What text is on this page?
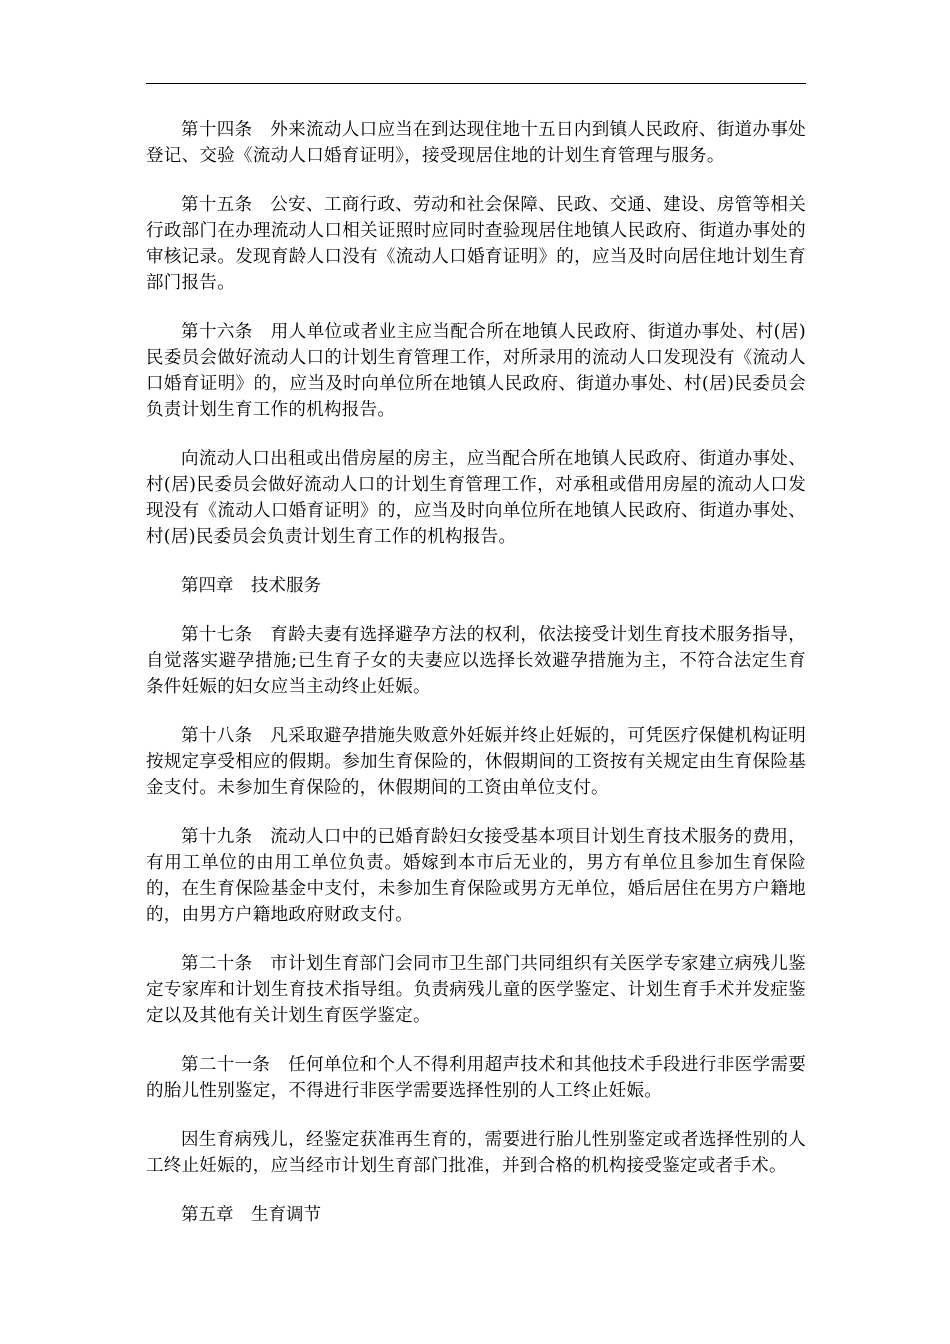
第十四条　外来流动人口应当在到达现住地十五日内到镇人民政府、街道办事处登记、交验《流动人口婚育证明》，接受现居住地的计划生育管理与服务。

第十五条　公安、工商行政、劳动和社会保障、民政、交通、建设、房管等相关行政部门在办理流动人口相关证照时应同时查验现居住地镇人民政府、街道办事处的审核记录。发现育龄人口没有《流动人口婚育证明》的，应当及时向居住地计划生育部门报告。

第十六条　用人单位或者业主应当配合所在地镇人民政府、街道办事处、村(居)民委员会做好流动人口的计划生育管理工作，对所录用的流动人口发现没有《流动人口婚育证明》的，应当及时向单位所在地镇人民政府、街道办事处、村(居)民委员会负责计划生育工作的机构报告。

向流动人口出租或出借房屋的房主，应当配合所在地镇人民政府、街道办事处、村(居)民委员会做好流动人口的计划生育管理工作，对承租或借用房屋的流动人口发现没有《流动人口婚育证明》的，应当及时向单位所在地镇人民政府、街道办事处、村(居)民委员会负责计划生育工作的机构报告。

第四章　技术服务

第十七条　育龄夫妻有选择避孕方法的权利，依法接受计划生育技术服务指导，自觉落实避孕措施;已生育子女的夫妻应以选择长效避孕措施为主，不符合法定生育条件妊娠的妇女应当主动终止妊娠。

第十八条　凡采取避孕措施失败意外妊娠并终止妊娠的，可凭医疗保健机构证明按规定享受相应的假期。参加生育保险的，休假期间的工资按有关规定由生育保险基金支付。未参加生育保险的，休假期间的工资由单位支付。

第十九条　流动人口中的已婚育龄妇女接受基本项目计划生育技术服务的费用，有用工单位的由用工单位负责。婚嫁到本市后无业的，男方有单位且参加生育保险的，在生育保险基金中支付，未参加生育保险或男方无单位，婚后居住在男方户籍地的，由男方户籍地政府财政支付。

第二十条　市计划生育部门会同市卫生部门共同组织有关医学专家建立病残儿鉴定专家库和计划生育技术指导组。负责病残儿童的医学鉴定、计划生育手术并发症鉴定以及其他有关计划生育医学鉴定。

第二十一条　任何单位和个人不得利用超声技术和其他技术手段进行非医学需要的胎儿性别鉴定，不得进行非医学需要选择性别的人工终止妊娠。

因生育病残儿，经鉴定获准再生育的，需要进行胎儿性别鉴定或者选择性别的人工终止妊娠的，应当经市计划生育部门批准，并到合格的机构接受鉴定或者手术。

第五章　生育调节
